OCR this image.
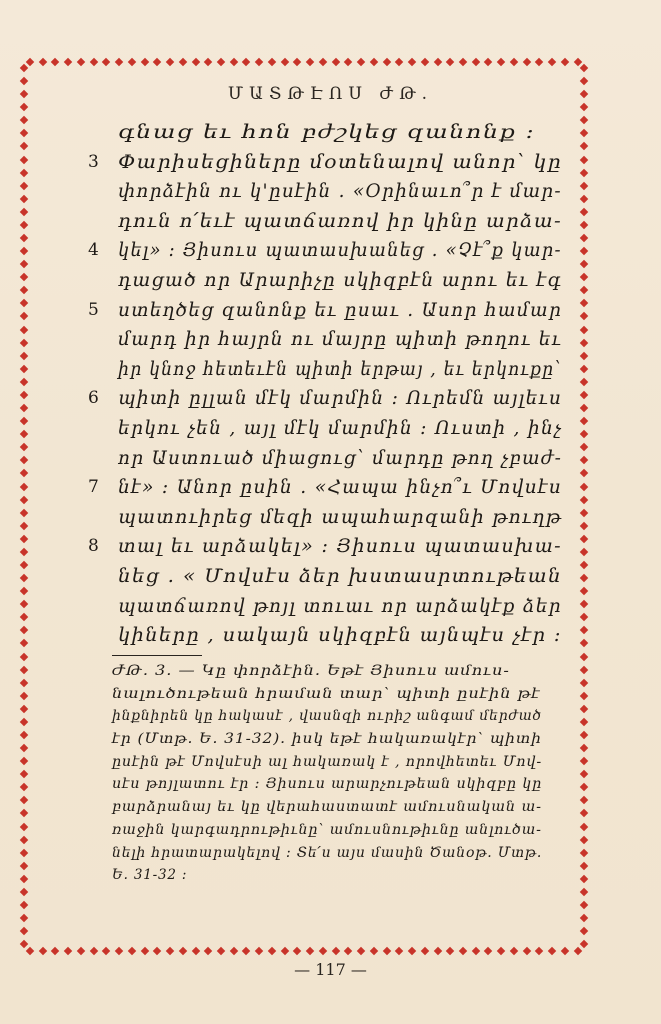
ՄԱՏԹԷՈՍ ԺԹ.
գնաց եւ հոն բժշկեց զանոնք :
3 Փարիսեցիները մօտենալով անոր՝ կը
փորձէին ու կ'ըսէին . «Օրինաւո՞ր է մար-
դուն ո՛եւէ պատճառով իր կինը արձա-
4 կել» : Յիսուս պատասխանեց . «Չէ՞ք կար-
դացած որ Արարիչը սկիզբէն արու եւ էգ
5 ստեղծեց զանոնք եւ ըսաւ . Ասոր համար
մարդ իր հայրն ու մայրը պիտի թողու եւ
իր կնոջ հետեւէն պիտի երթայ , եւ երկուքը՝
6 պիտի ըլլան մէկ մարմին : Ուրեմն այլեւս
երկու չեն , այլ մէկ մարմին : Ուստի , ինչ
որ Աստուած միացուց՝ մարդը թող չբաժ-
7 նէ» : Անոր ըսին . «Հապա ինչո՞ւ Մովսէս
պատուիրեց մեզի ապահարզանի թուղթ
8 տալ եւ արձակել» : Յիսուս պատասխա-
նեց . « Մովսէս ձեր խստասրտութեան
պատճառով թոյլ տուաւ որ արձակէք ձեր
կիները , սակայն սկիզբէն այնպէս չէր :
ԺԹ. 3. — Կը փորձէին. Եթէ Յիսուս ամուս-
նալուծութեան հրաման տար՝ պիտի ըսէին թէ
ինքնիրեն կը հակասէ , վասնզի ուրիշ անգամ մերժած
էր (Մտթ. Ե. 31-32). իսկ եթէ հակառակէր՝ պիտի
ըսէին թէ Մովսէսի ալ հակառակ է , որովհետեւ Մով-
սէս թոյլատու էր : Յիսուս արարչութեան սկիզբը կը
բարձրանայ եւ կը վերահաստատէ ամուսնական ա-
ռաջին կարգադրութիւնը՝ ամուսնութիւնը անլուծա-
նելի հրատարակելով : Տե՛ս այս մասին Ծանօթ. Մտթ.
Ե. 31-32 :
— 117 —
